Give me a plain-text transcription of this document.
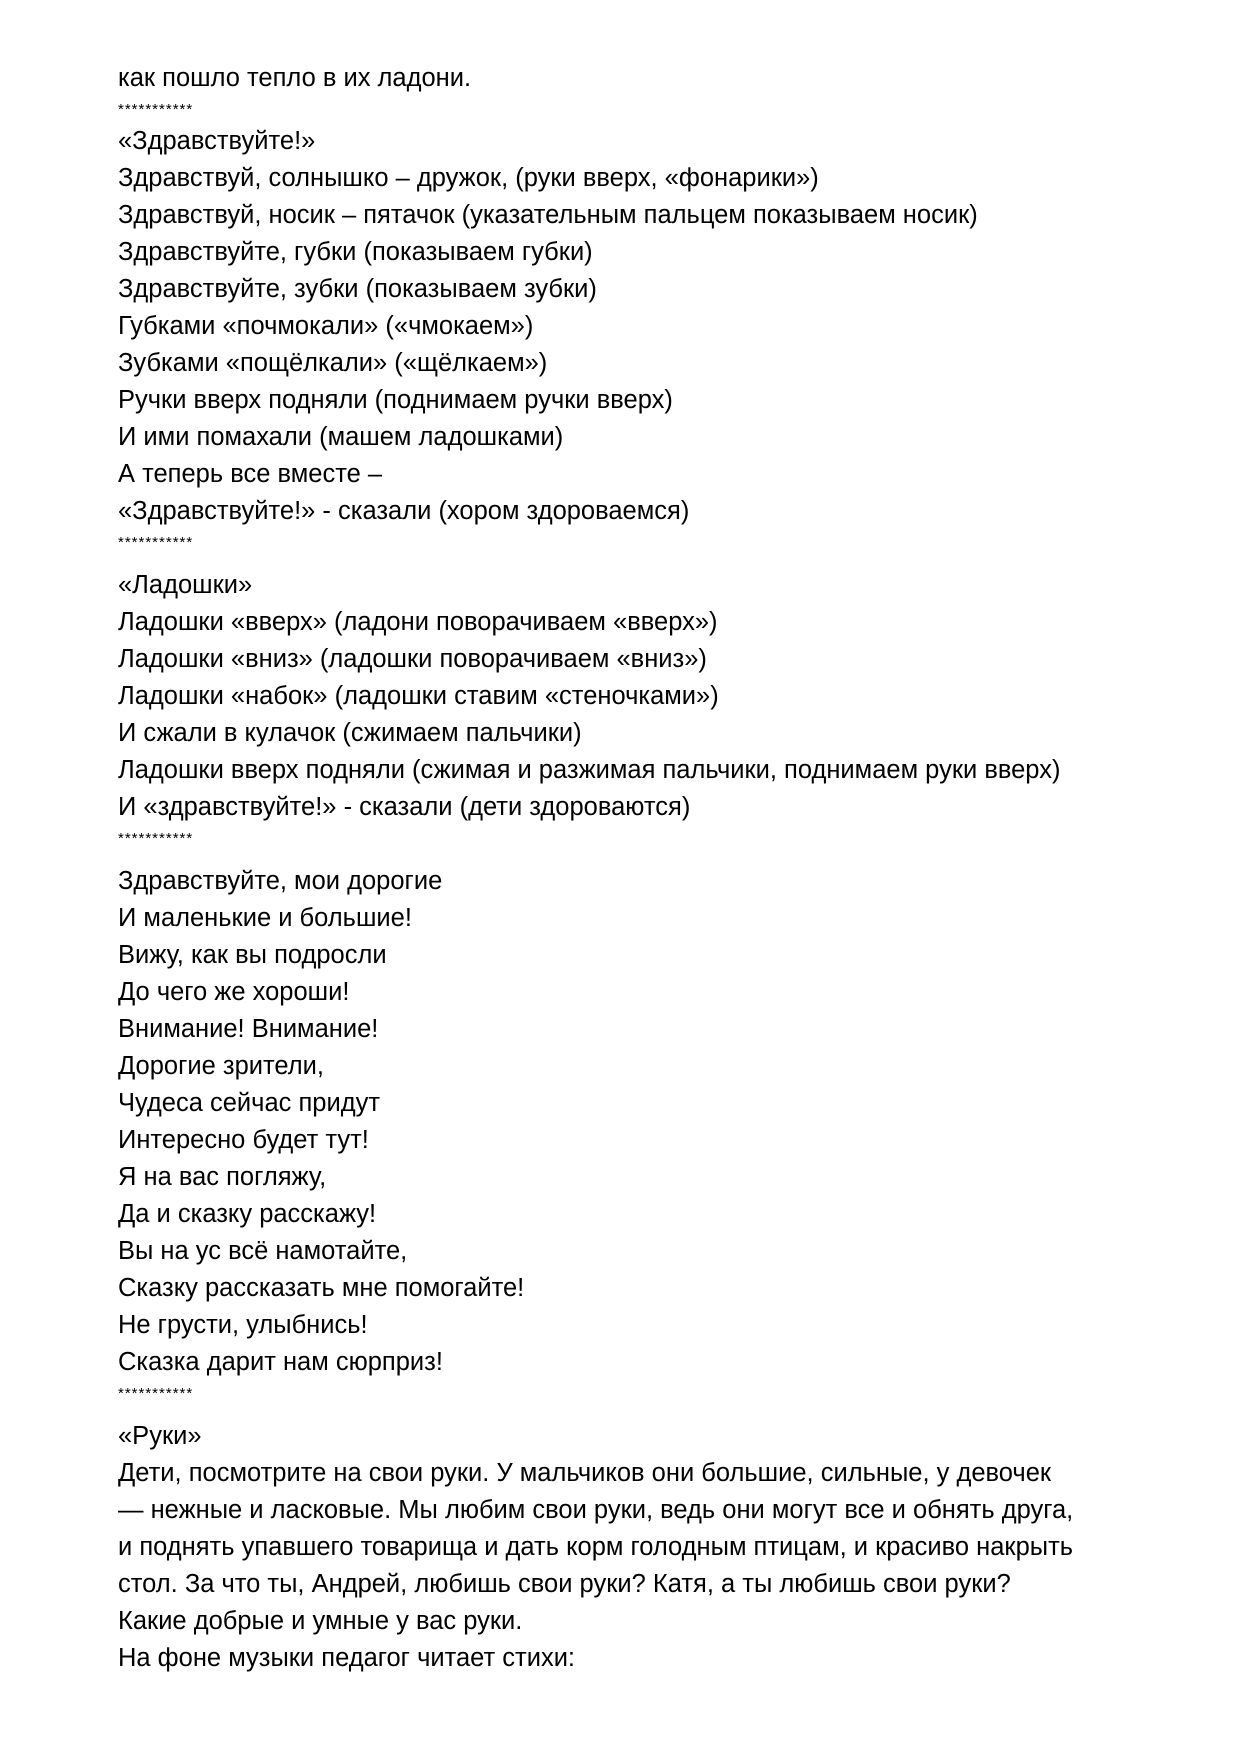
как пошло тепло в их ладони.
***********
«Здравствуйте!»
Здравствуй, солнышко – дружок, (руки вверх, «фонарики»)
Здравствуй, носик – пятачок (указательным пальцем показываем носик)
Здравствуйте, губки (показываем губки)
Здравствуйте, зубки (показываем зубки)
Губками «почмокали» («чмокаем»)
Зубками «пощёлкали» («щёлкаем»)
Ручки вверх подняли (поднимаем ручки вверх)
И ими помахали (машем ладошками)
А теперь все вместе –
«Здравствуйте!» - сказали (хором здороваемся)
***********
«Ладошки»
Ладошки «вверх» (ладони поворачиваем «вверх»)
Ладошки «вниз» (ладошки поворачиваем «вниз»)
Ладошки «набок» (ладошки ставим «стеночками»)
И сжали в кулачок (сжимаем пальчики)
Ладошки вверх подняли (сжимая и разжимая пальчики, поднимаем руки вверх)
И «здравствуйте!» - сказали (дети здороваются)
***********
Здравствуйте, мои дорогие
И маленькие и большие!
Вижу, как вы подросли
До чего же хороши!
Внимание! Внимание!
Дорогие зрители,
Чудеса сейчас придут
Интересно будет тут!
Я на вас погляжу,
Да и сказку расскажу!
Вы на ус всё намотайте,
Сказку рассказать мне помогайте!
Не грусти, улыбнись!
Сказка дарит нам сюрприз!
***********
«Руки»
Дети, посмотрите на свои руки. У мальчиков они большие, сильные, у девочек
— нежные и ласковые. Мы любим свои руки, ведь они могут все и обнять друга,
и поднять упавшего товарища и дать корм голодным птицам, и красиво накрыть
стол. За что ты, Андрей, любишь свои руки? Катя, а ты любишь свои руки?
Какие добрые и умные у вас руки.
На фоне музыки педагог читает стихи:
